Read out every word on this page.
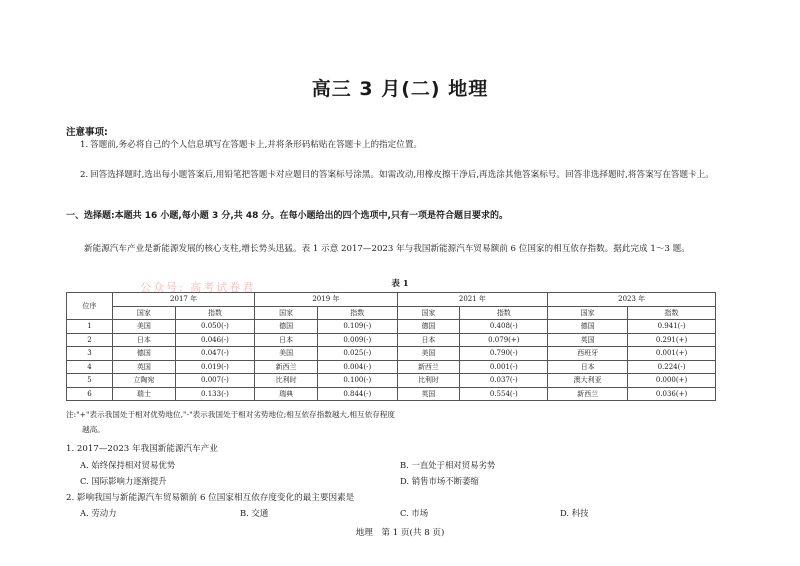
高三 3 月(二) 地理
注意事项:
1. 答题前,务必将自己的个人信息填写在答题卡上,并将条形码粘贴在答题卡上的指定位置。
2. 回答选择题时,选出每小题答案后,用铅笔把答题卡对应题目的答案标号涂黑。如需改动,用橡皮擦干净后,再选涂其他答案标号。回答非选择题时,将答案写在答题卡上。
一、选择题:本题共 16 小题,每小题 3 分,共 48 分。在每小题给出的四个选项中,只有一项是符合题目要求的。
新能源汽车产业是新能源发展的核心支柱,增长势头迅猛。表 1 示意 2017—2023 年与我国新能源汽车贸易额前 6 位国家的相互依存指数。据此完成 1～3 题。
表 1
公众号: 高考试卷君
位序	2017 年		2019 年		2021 年		2023 年	
	国家	指数	国家	指数	国家	指数	国家	指数
1	美国	0.050(-)	德国	0.109(-)	德国	0.408(-)	德国	0.941(-)
2	日本	0.046(-)	日本	0.009(-)	日本	0.079(+)	英国	0.291(+)
3	德国	0.047(-)	美国	0.025(-)	美国	0.790(-)	西班牙	0.001(+)
4	英国	0.019(-)	新西兰	0.004(-)	新西兰	0.001(-)	日本	0.224(-)
5	立陶宛	0.007(-)	比利时	0.100(-)	比利时	0.037(-)	澳大利亚	0.000(+)
6	瑞士	0.133(-)	瑞典	0.844(-)	英国	0.554(-)	新西兰	0.036(+)
注:"+"表示我国处于相对优势地位,"-"表示我国处于相对劣势地位;相互依存指数越大,相互依存程度
越高。
1. 2017—2023 年我国新能源汽车产业
A. 始终保持相对贸易优势	B. 一直处于相对贸易劣势
C. 国际影响力逐渐提升	D. 销售市场不断萎缩
2. 影响我国与新能源汽车贸易额前 6 位国家相互依存度变化的最主要因素是
A. 劳动力	B. 交通	C. 市场	D. 科技
地理　第 1 页(共 8 页)
